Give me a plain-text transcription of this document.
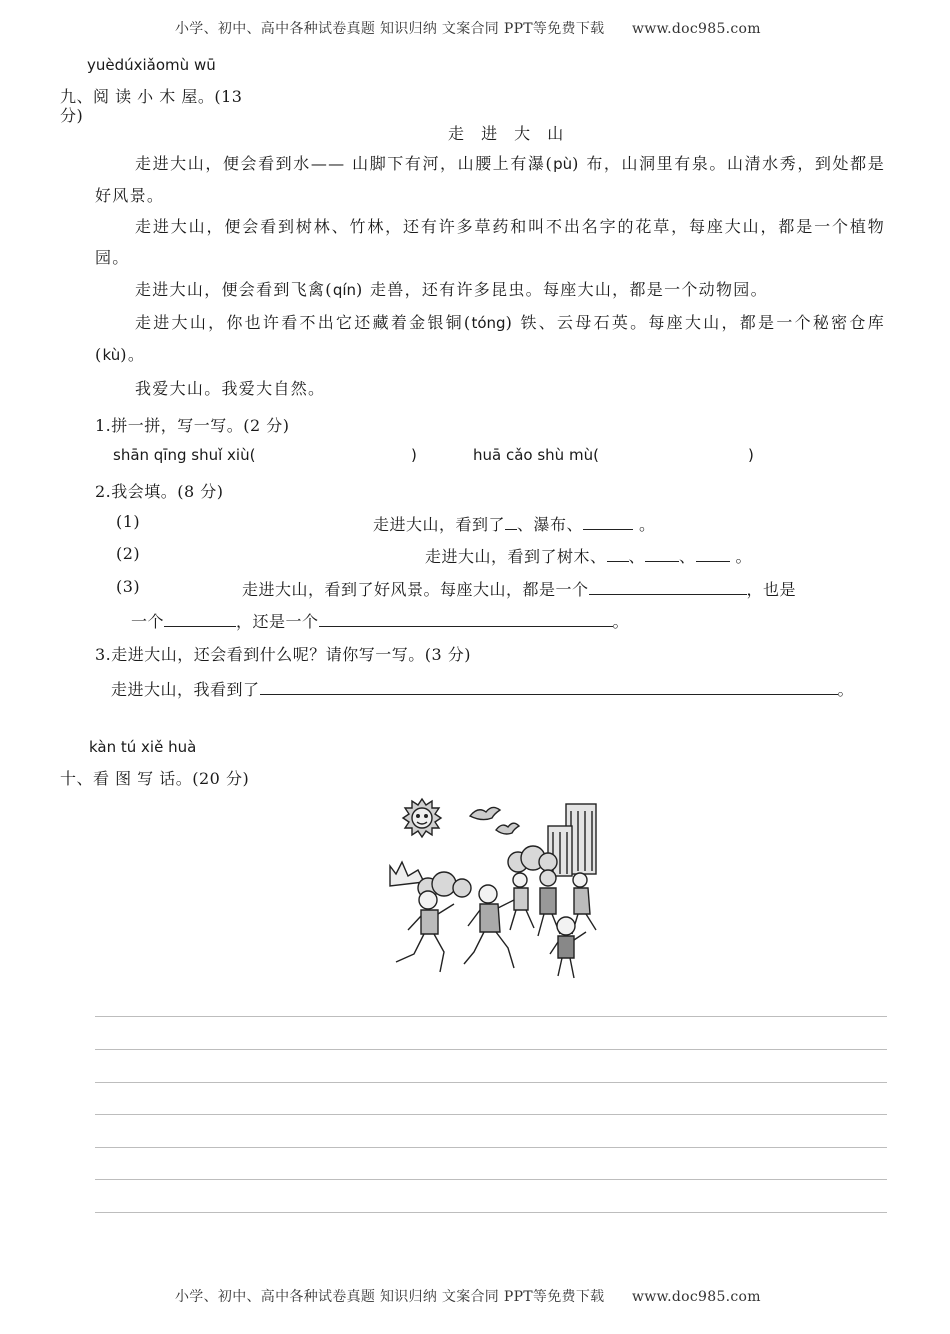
小学、初中、高中各种试卷真题 知识归纳 文案合同 PPT等免费下载 www.doc985.com
yuèdúxiǎomù wū
九、阅 读 小 木 屋。(13
分)
走 进 大 山
走进大山，便会看到水—— 山脚下有河，山腰上有瀑(pù) 布，山洞里有泉。山清水秀，到处都是好风景。
走进大山，便会看到树林、竹林，还有许多草药和叫不出名字的花草，每座大山，都是一个植物园。
走进大山，便会看到飞禽(qín) 走兽，还有许多昆虫。每座大山，都是一个动物园。
走进大山，你也许看不出它还藏着金银铜(tóng) 铁、云母石英。每座大山，都是一个秘密仓库(kù)。
我爱大山。我爱大自然。
1.拼一拼，写一写。(2 分)
shān qīng shuǐ xiù(	)	huā cǎo shù mù(	)
2.我会填。(8 分)
(1)	走进大山，看到了 、瀑布、	。
(2)	走进大山，看到了树木、 、 、	。
(3)	走进大山，看到了好风景。每座大山，都是一个	，也是
一个	，还是一个	。
3.走进大山，还会看到什么呢？请你写一写。(3 分)
走进大山，我看到了	。
kàn tú xiě huà
十、看 图 写 话。(20 分)
小学、初中、高中各种试卷真题 知识归纳 文案合同 PPT等免费下载 www.doc985.com
